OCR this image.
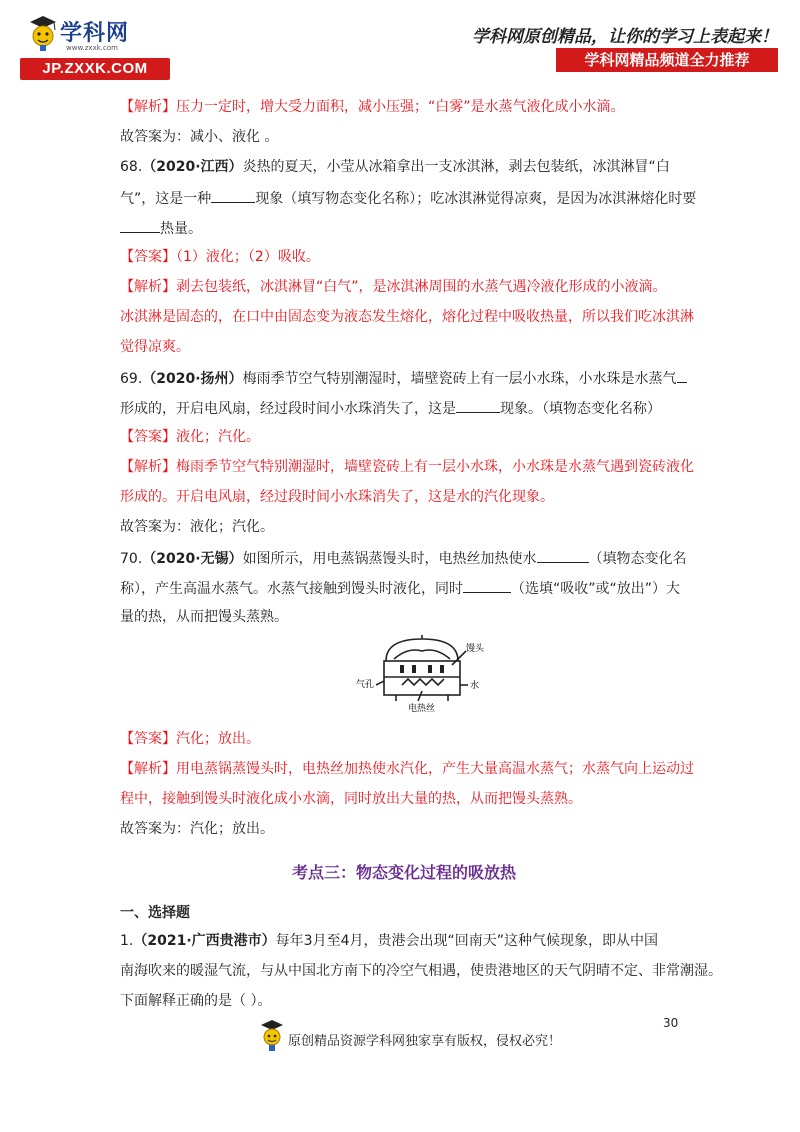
学科网
www.zxxk.com
JP.ZXXK.COM
学科网原创精品，让你的学习上表起来！
学科网精品频道全力推荐
【解析】压力一定时，增大受力面积，减小压强；“白雾”是水蒸气液化成小水滴。
故答案为：减小、液化 。
68.（2020·江西）炎热的夏天，小莹从冰箱拿出一支冰淇淋，剥去包装纸，冰淇淋冒“白
气”，这是一种	现象（填写物态变化名称）；吃冰淇淋觉得凉爽，是因为冰淇淋熔化时要
热量。
【答案】（1）液化；（2）吸收。
【解析】剥去包装纸，冰淇淋冒“白气”，是冰淇淋周围的水蒸气遇冷液化形成的小液滴。
冰淇淋是固态的，在口中由固态变为液态发生熔化，熔化过程中吸收热量，所以我们吃冰淇淋
觉得凉爽。
69.（2020·扬州）梅雨季节空气特别潮湿时，墙壁瓷砖上有一层小水珠，小水珠是水蒸气
形成的，开启电风扇，经过段时间小水珠消失了，这是	现象。（填物态变化名称）
【答案】液化；汽化。
【解析】梅雨季节空气特别潮湿时，墙壁瓷砖上有一层小水珠，小水珠是水蒸气遇到瓷砖液化
形成的。开启电风扇，经过段时间小水珠消失了，这是水的汽化现象。
故答案为：液化；汽化。
70.（2020·无锡）如图所示，用电蒸锅蒸馒头时，电热丝加热使水	（填物态变化名
称），产生高温水蒸气。水蒸气接触到馒头时液化，同时	（选填“吸收”或“放出”）大
量的热，从而把馒头蒸熟。
馒头
气孔	水
电热丝
【答案】汽化；放出。
【解析】用电蒸锅蒸馒头时，电热丝加热使水汽化，产生大量高温水蒸气；水蒸气向上运动过
程中，接触到馒头时液化成小水滴，同时放出大量的热，从而把馒头蒸熟。
故答案为：汽化；放出。
考点三：物态变化过程的吸放热
一、选择题
1.（2021·广西贵港市）每年3月至4月，贵港会出现“回南天”这种气候现象，即从中国
南海吹来的暖湿气流，与从中国北方南下的冷空气相遇，使贵港地区的天气阴晴不定、非常潮湿。
下面解释正确的是（ ）。
30
原创精品资源学科网独家享有版权，侵权必究！
